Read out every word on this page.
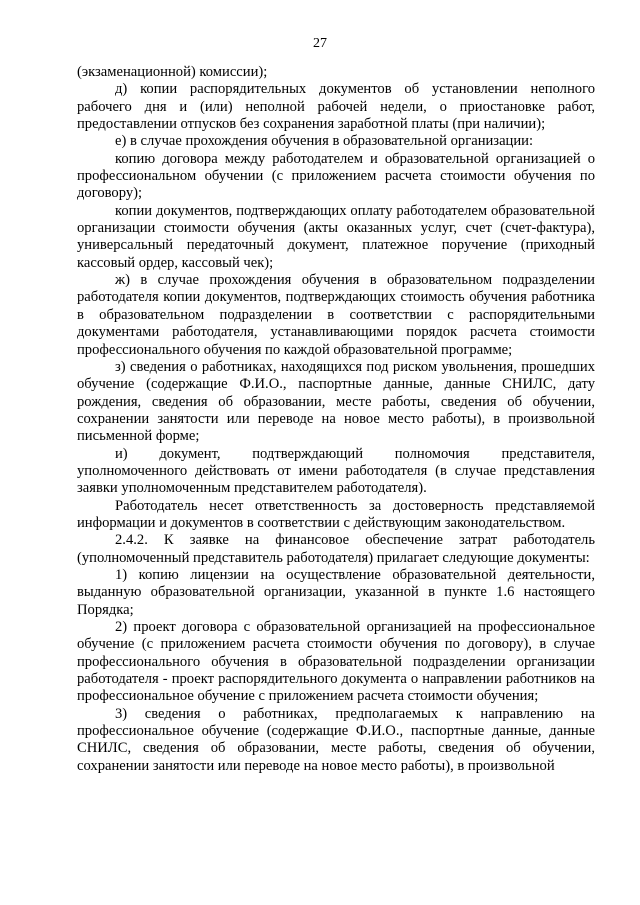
27

(экзаменационной) комиссии);

д) копии распорядительных документов об установлении неполного рабочего дня и (или) неполной рабочей недели, о приостановке работ, предоставлении отпусков без сохранения заработной платы (при наличии);

е) в случае прохождения обучения в образовательной организации:

копию договора между работодателем и образовательной организацией о профессиональном обучении (с приложением расчета стоимости обучения по договору);

копии документов, подтверждающих оплату работодателем образовательной организации стоимости обучения (акты оказанных услуг, счет (счет-фактура), универсальный передаточный документ, платежное поручение (приходный кассовый ордер, кассовый чек);

ж) в случае прохождения обучения в образовательном подразделении работодателя копии документов, подтверждающих стоимость обучения работника в образовательном подразделении в соответствии с распорядительными документами работодателя, устанавливающими порядок расчета стоимости профессионального обучения по каждой образовательной программе;

з) сведения о работниках, находящихся под риском увольнения, прошедших обучение (содержащие Ф.И.О., паспортные данные, данные СНИЛС, дату рождения, сведения об образовании, месте работы, сведения об обучении, сохранении занятости или переводе на новое место работы), в произвольной письменной форме;

и) документ, подтверждающий полномочия представителя, уполномоченного действовать от имени работодателя (в случае представления заявки уполномоченным представителем работодателя).

Работодатель несет ответственность за достоверность представляемой информации и документов в соответствии с действующим законодательством.

2.4.2. К заявке на финансовое обеспечение затрат работодатель (уполномоченный представитель работодателя) прилагает следующие документы:

1) копию лицензии на осуществление образовательной деятельности, выданную образовательной организации, указанной в пункте 1.6 настоящего Порядка;

2) проект договора с образовательной организацией на профессиональное обучение (с приложением расчета стоимости обучения по договору), в случае профессионального обучения в образовательной подразделении организации работодателя - проект распорядительного документа о направлении работников на профессиональное обучение с приложением расчета стоимости обучения;

3) сведения о работниках, предполагаемых к направлению на профессиональное обучение (содержащие Ф.И.О., паспортные данные, данные СНИЛС, сведения об образовании, месте работы, сведения об обучении, сохранении занятости или переводе на новое место работы), в произвольной
